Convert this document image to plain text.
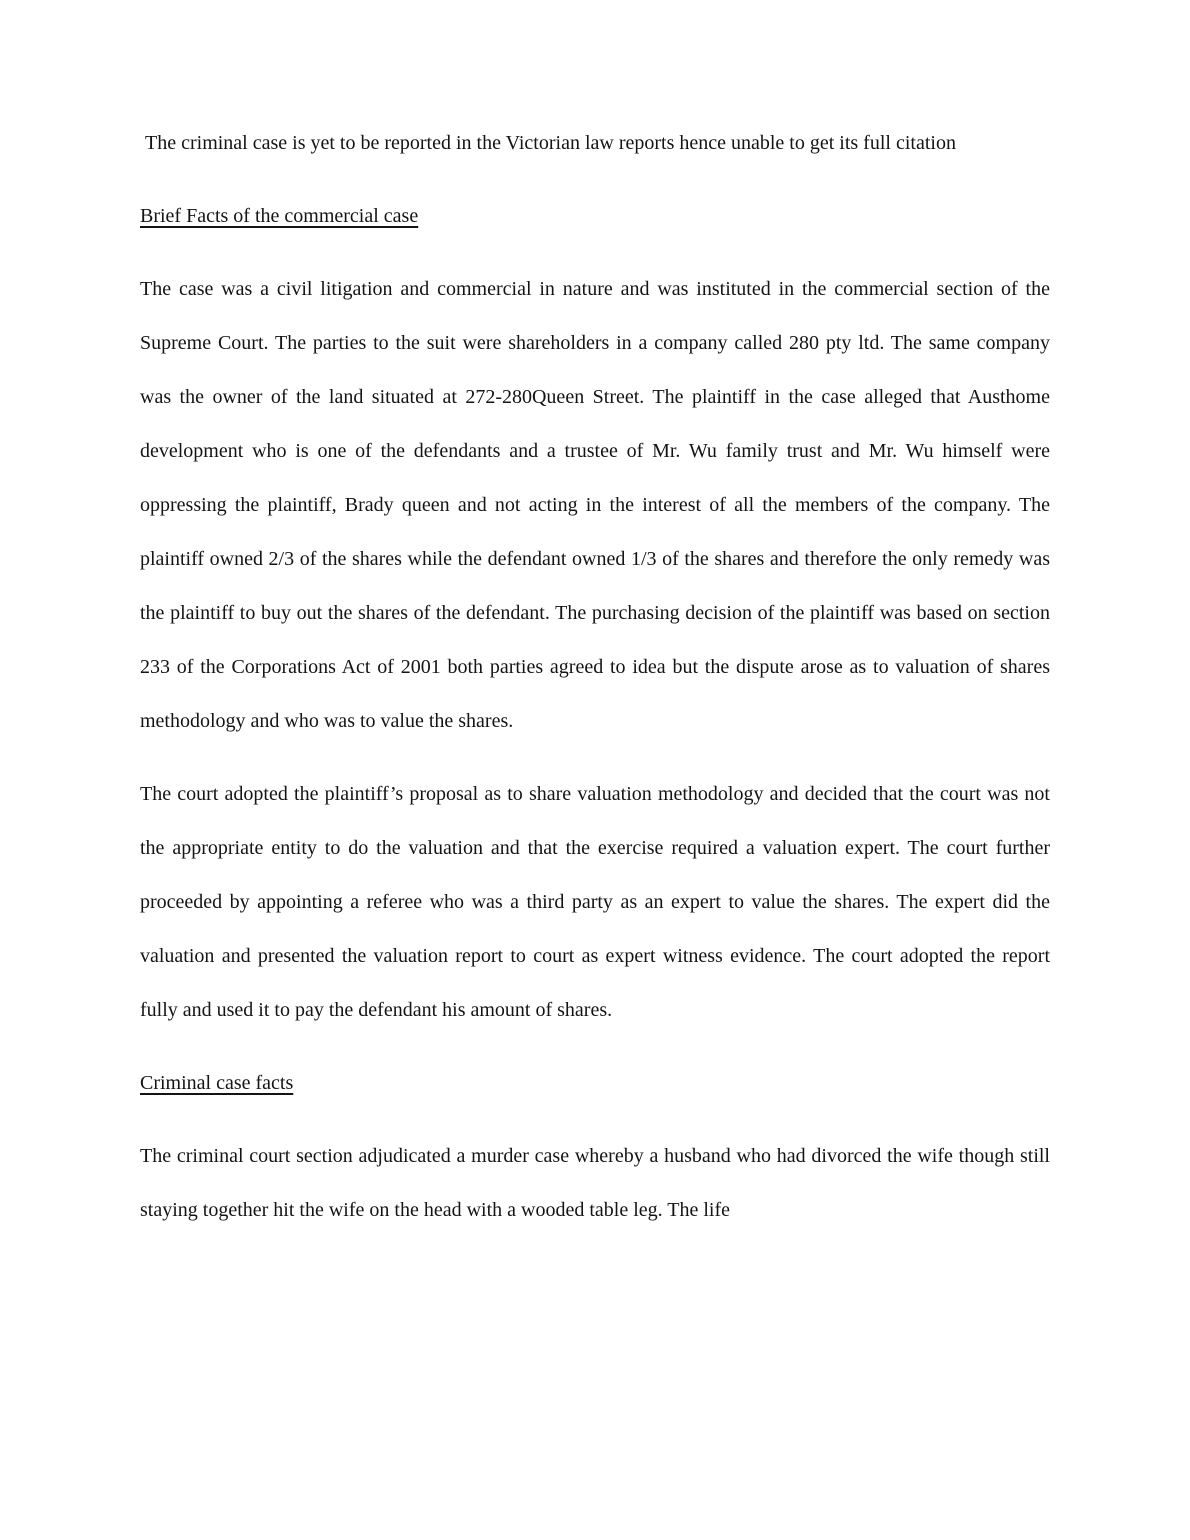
The criminal case is yet to be reported in the Victorian law reports hence unable to get its full citation

Brief Facts of the commercial case

The case was a civil litigation and commercial in nature and was instituted in the commercial section of the Supreme Court. The parties to the suit were shareholders in a company called 280 pty ltd. The same company was the owner of the land situated at 272-280Queen Street. The plaintiff in the case alleged that Austhome development who is one of the defendants and a trustee of Mr. Wu family trust and Mr. Wu himself were oppressing the plaintiff, Brady queen and not acting in the interest of all the members of the company. The plaintiff owned 2/3 of the shares while the defendant owned 1/3 of the shares and therefore the only remedy was the plaintiff to buy out the shares of the defendant. The purchasing decision of the plaintiff was based on section 233 of the Corporations Act of 2001 both parties agreed to idea but the dispute arose as to valuation of shares methodology and who was to value the shares.

The court adopted the plaintiff’s proposal as to share valuation methodology and decided that the court was not the appropriate entity to do the valuation and that the exercise required a valuation expert. The court further proceeded by appointing a referee who was a third party as an expert to value the shares. The expert did the valuation and presented the valuation report to court as expert witness evidence. The court adopted the report fully and used it to pay the defendant his amount of shares.

Criminal case facts

The criminal court section adjudicated a murder case whereby a husband who had divorced the wife though still staying together hit the wife on the head with a wooded table leg. The life
